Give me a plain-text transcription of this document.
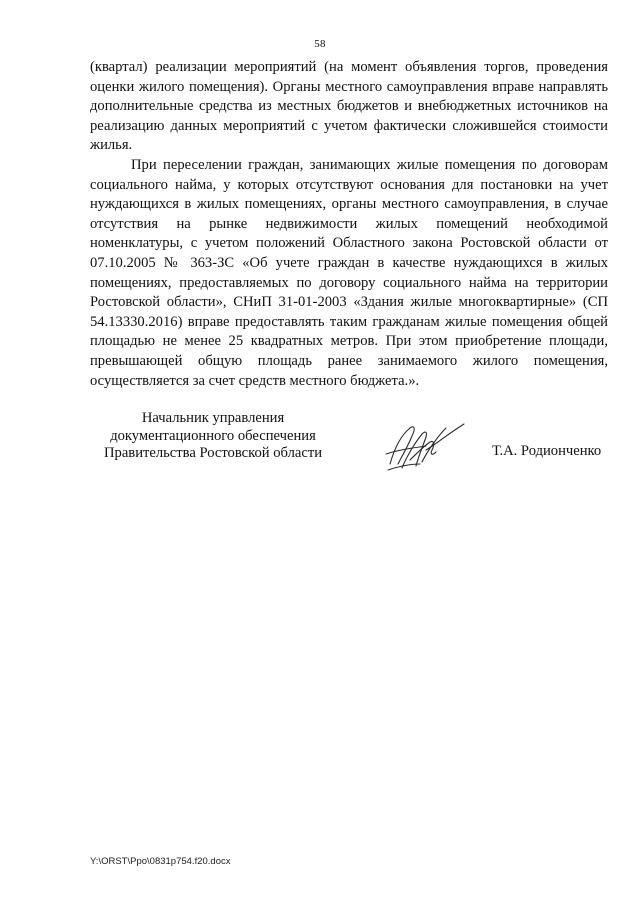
58

(квартал) реализации мероприятий (на момент объявления торгов, проведения оценки жилого помещения). Органы местного самоуправления вправе направлять дополнительные средства из местных бюджетов и внебюджетных источников на реализацию данных мероприятий с учетом фактически сложившейся стоимости жилья.

При переселении граждан, занимающих жилые помещения по договорам социального найма, у которых отсутствуют основания для постановки на учет нуждающихся в жилых помещениях, органы местного самоуправления, в случае отсутствия на рынке недвижимости жилых помещений необходимой номенклатуры, с учетом положений Областного закона Ростовской области от 07.10.2005 № 363-ЗС «Об учете граждан в качестве нуждающихся в жилых помещениях, предоставляемых по договору социального найма на территории Ростовской области», СНиП 31-01-2003 «Здания жилые многоквартирные» (СП 54.13330.2016) вправе предоставлять таким гражданам жилые помещения общей площадью не менее 25 квадратных метров. При этом приобретение площади, превышающей общую площадь ранее занимаемого жилого помещения, осуществляется за счет средств местного бюджета.».

Начальник управления
документационного обеспечения
Правительства Ростовской области	Т.А. Родионченко
Y:\ORST\Ppo\0831p754.f20.docx
